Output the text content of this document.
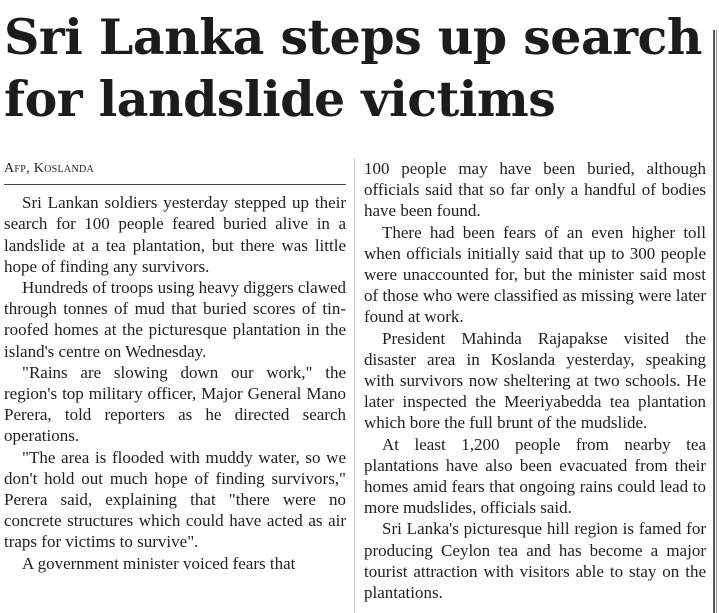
Sri Lanka steps up search for landslide victims
Afp, Koslanda

Sri Lankan soldiers yesterday stepped up their search for 100 people feared buried alive in a landslide at a tea plantation, but there was little hope of finding any survivors.

Hundreds of troops using heavy diggers clawed through tonnes of mud that buried scores of tin-roofed homes at the picturesque plantation in the island's centre on Wednesday.

"Rains are slowing down our work," the region's top military officer, Major General Mano Perera, told reporters as he directed search operations.

"The area is flooded with muddy water, so we don't hold out much hope of finding survivors," Perera said, explaining that "there were no concrete structures which could have acted as air traps for victims to survive".

A government minister voiced fears that

100 people may have been buried, although officials said that so far only a handful of bodies have been found.

There had been fears of an even higher toll when officials initially said that up to 300 people were unaccounted for, but the minister said most of those who were classified as missing were later found at work.

President Mahinda Rajapakse visited the disaster area in Koslanda yesterday, speaking with survivors now sheltering at two schools. He later inspected the Meeriyabedda tea plantation which bore the full brunt of the mudslide.

At least 1,200 people from nearby tea plantations have also been evacuated from their homes amid fears that ongoing rains could lead to more mudslides, officials said.

Sri Lanka's picturesque hill region is famed for producing Ceylon tea and has become a major tourist attraction with visitors able to stay on the plantations.
